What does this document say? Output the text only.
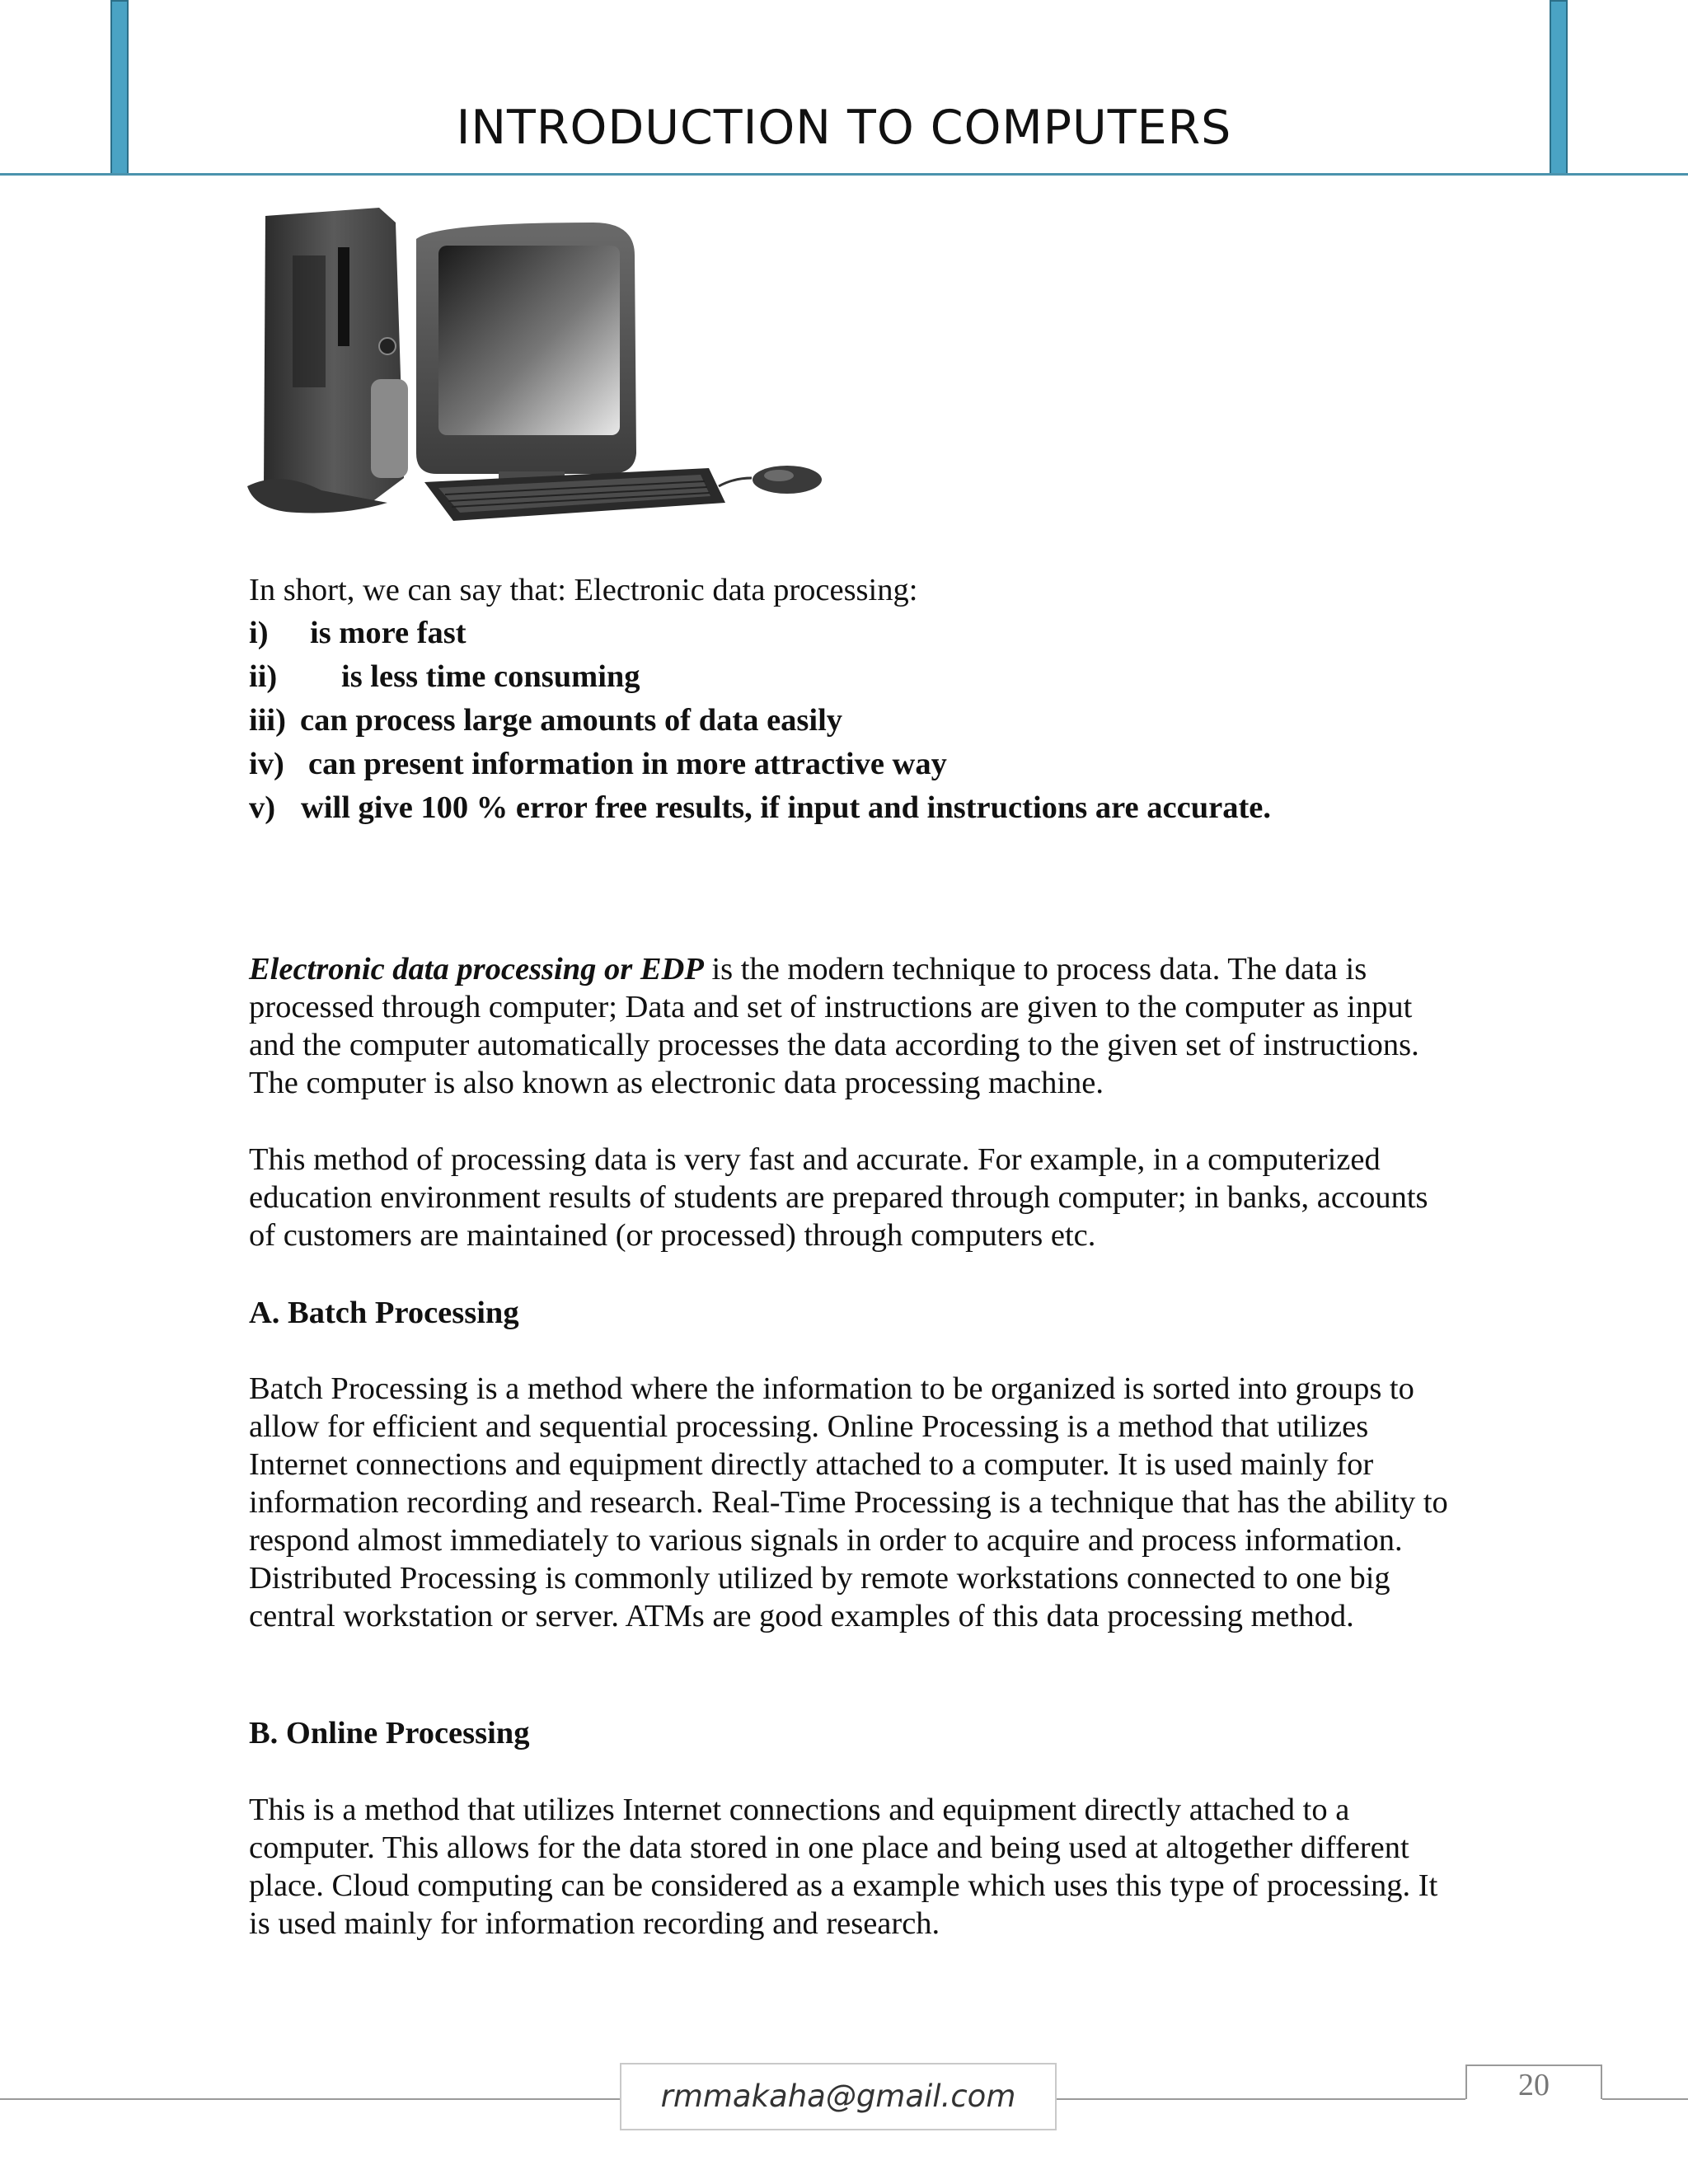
INTRODUCTION TO COMPUTERS
In short, we can say that: Electronic data processing:
i) is more fast
ii) is less time consuming
iii) can process large amounts of data easily
iv) can present information in more attractive way
v) will give 100 % error free results, if input and instructions are accurate.
Electronic data processing or EDP is the modern technique to process data. The data is processed through computer; Data and set of instructions are given to the computer as input and the computer automatically processes the data according to the given set of instructions. The computer is also known as electronic data processing machine.
This method of processing data is very fast and accurate. For example, in a computerized education environment results of students are prepared through computer; in banks, accounts of customers are maintained (or processed) through computers etc.
A. Batch Processing
Batch Processing is a method where the information to be organized is sorted into groups to allow for efficient and sequential processing. Online Processing is a method that utilizes Internet connections and equipment directly attached to a computer. It is used mainly for information recording and research. Real-Time Processing is a technique that has the ability to respond almost immediately to various signals in order to acquire and process information. Distributed Processing is commonly utilized by remote workstations connected to one big central workstation or server. ATMs are good examples of this data processing method.
B. Online Processing
This is a method that utilizes Internet connections and equipment directly attached to a computer. This allows for the data stored in one place and being used at altogether different place. Cloud computing can be considered as a example which uses this type of processing. It is used mainly for information recording and research.
rmmakaha@gmail.com	20
